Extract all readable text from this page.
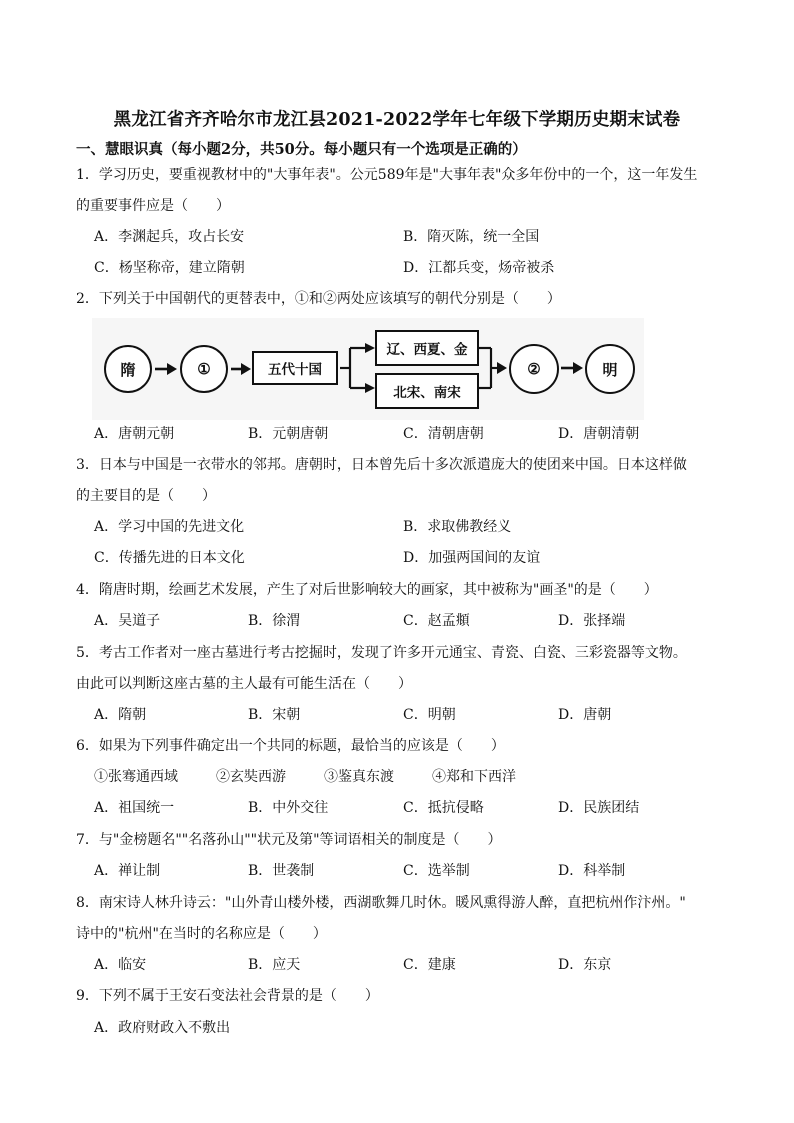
黑龙江省齐齐哈尔市龙江县2021-2022学年七年级下学期历史期末试卷
一、慧眼识真（每小题2分，共50分。每小题只有一个选项是正确的）
1．学习历史，要重视教材中的"大事年表"。公元589年是"大事年表"众多年份中的一个，这一年发生
的重要事件应是（　　）
A．李渊起兵，攻占长安	B．隋灭陈，统一全国
C．杨坚称帝，建立隋朝	D．江都兵变，炀帝被杀
2．下列关于中国朝代的更替表中，①和②两处应该填写的朝代分别是（　　）
隋	①	五代十国
辽、西夏、金
北宋、南宋
②	明
A．唐朝元朝	B．元朝唐朝	C．清朝唐朝	D．唐朝清朝
3．日本与中国是一衣带水的邻邦。唐朝时，日本曾先后十多次派遣庞大的使团来中国。日本这样做
的主要目的是（　　）
A．学习中国的先进文化	B．求取佛教经义
C．传播先进的日本文化	D．加强两国间的友谊
4．隋唐时期，绘画艺术发展，产生了对后世影响较大的画家，其中被称为"画圣"的是（　　）
A．吴道子	B．徐渭	C．赵孟頫	D．张择端
5．考古工作者对一座古墓进行考古挖掘时，发现了许多开元通宝、青瓷、白瓷、三彩瓷器等文物。
由此可以判断这座古墓的主人最有可能生活在（　　）
A．隋朝	B．宋朝	C．明朝	D．唐朝
6．如果为下列事件确定出一个共同的标题，最恰当的应该是（　　）
①张骞通西域	②玄奘西游	③鉴真东渡	④郑和下西洋
A．祖国统一	B．中外交往	C．抵抗侵略	D．民族团结
7．与"金榜题名""名落孙山""状元及第"等词语相关的制度是（　　）
A．禅让制	B．世袭制	C．选举制	D．科举制
8．南宋诗人林升诗云："山外青山楼外楼，西湖歌舞几时休。暖风熏得游人醉，直把杭州作汴州。"
诗中的"杭州"在当时的名称应是（　　）
A．临安	B．应天	C．建康	D．东京
9．下列不属于王安石变法社会背景的是（　　）
A．政府财政入不敷出
